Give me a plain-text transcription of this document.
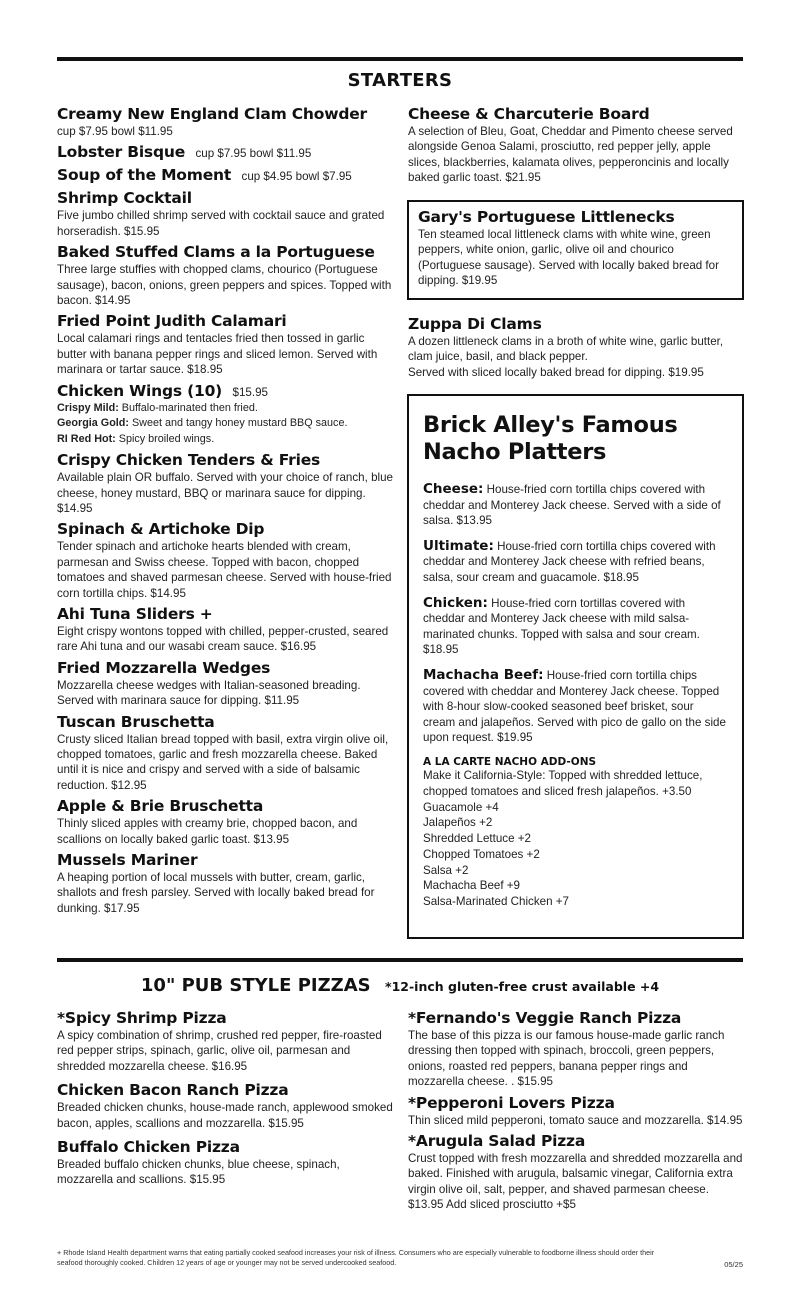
STARTERS
Creamy New England Clam Chowder
cup $7.95 bowl $11.95
Lobster Bisque cup $7.95 bowl $11.95
Soup of the Moment cup $4.95 bowl $7.95
Shrimp Cocktail
Five jumbo chilled shrimp served with cocktail sauce and grated horseradish. $15.95
Baked Stuffed Clams a la Portuguese
Three large stuffies with chopped clams, chourico (Portuguese sausage), bacon, onions, green peppers and spices. Topped with bacon. $14.95
Fried Point Judith Calamari
Local calamari rings and tentacles fried then tossed in garlic butter with banana pepper rings and sliced lemon. Served with marinara or tartar sauce. $18.95
Chicken Wings (10) $15.95
Crispy Mild: Buffalo-marinated then fried.
Georgia Gold: Sweet and tangy honey mustard BBQ sauce.
RI Red Hot: Spicy broiled wings.
Crispy Chicken Tenders & Fries
Available plain OR buffalo. Served with your choice of ranch, blue cheese, honey mustard, BBQ or marinara sauce for dipping. $14.95
Spinach & Artichoke Dip
Tender spinach and artichoke hearts blended with cream, parmesan and Swiss cheese. Topped with bacon, chopped tomatoes and shaved parmesan cheese. Served with house-fried corn tortilla chips. $14.95
Ahi Tuna Sliders +
Eight crispy wontons topped with chilled, pepper-crusted, seared rare Ahi tuna and our wasabi cream sauce. $16.95
Fried Mozzarella Wedges
Mozzarella cheese wedges with Italian-seasoned breading. Served with marinara sauce for dipping. $11.95
Tuscan Bruschetta
Crusty sliced Italian bread topped with basil, extra virgin olive oil, chopped tomatoes, garlic and fresh mozzarella cheese. Baked until it is nice and crispy and served with a side of balsamic reduction. $12.95
Apple & Brie Bruschetta
Thinly sliced apples with creamy brie, chopped bacon, and scallions on locally baked garlic toast. $13.95
Mussels Mariner
A heaping portion of local mussels with butter, cream, garlic, shallots and fresh parsley. Served with locally baked bread for dunking. $17.95
Cheese & Charcuterie Board
A selection of Bleu, Goat, Cheddar and Pimento cheese served alongside Genoa Salami, prosciutto, red pepper jelly, apple slices, blackberries, kalamata olives, pepperoncinis and locally baked garlic toast. $21.95
Gary's Portuguese Littlenecks
Ten steamed local littleneck clams with white wine, green peppers, white onion, garlic, olive oil and chourico (Portuguese sausage). Served with locally baked bread for dipping. $19.95
Zuppa Di Clams
A dozen littleneck clams in a broth of white wine, garlic butter, clam juice, basil, and black pepper.
Served with sliced locally baked bread for dipping. $19.95
Brick Alley's Famous
Nacho Platters
Cheese: House-fried corn tortilla chips covered with cheddar and Monterey Jack cheese. Served with a side of salsa. $13.95
Ultimate: House-fried corn tortilla chips covered with cheddar and Monterey Jack cheese with refried beans, salsa, sour cream and guacamole. $18.95
Chicken: House-fried corn tortillas covered with cheddar and Monterey Jack cheese with mild salsa-marinated chunks. Topped with salsa and sour cream. $18.95
Machacha Beef: House-fried corn tortilla chips covered with cheddar and Monterey Jack cheese. Topped with 8-hour slow-cooked seasoned beef brisket, sour cream and jalapeños. Served with pico de gallo on the side upon request. $19.95
A LA CARTE NACHO ADD-ONS
Make it California-Style: Topped with shredded lettuce, chopped tomatoes and sliced fresh jalapeños. +3.50
Guacamole +4
Jalapeños +2
Shredded Lettuce +2
Chopped Tomatoes +2
Salsa +2
Machacha Beef +9
Salsa-Marinated Chicken +7
10" PUB STYLE PIZZAS *12-inch gluten-free crust available +4
*Spicy Shrimp Pizza
A spicy combination of shrimp, crushed red pepper, fire-roasted red pepper strips, spinach, garlic, olive oil, parmesan and shredded mozzarella cheese. $16.95
Chicken Bacon Ranch Pizza
Breaded chicken chunks, house-made ranch, applewood smoked bacon, apples, scallions and mozzarella. $15.95
Buffalo Chicken Pizza
Breaded buffalo chicken chunks, blue cheese, spinach, mozzarella and scallions. $15.95
*Fernando's Veggie Ranch Pizza
The base of this pizza is our famous house-made garlic ranch dressing then topped with spinach, broccoli, green peppers, onions, roasted red peppers, banana pepper rings and mozzarella cheese. . $15.95
*Pepperoni Lovers Pizza
Thin sliced mild pepperoni, tomato sauce and mozzarella. $14.95
*Arugula Salad Pizza
Crust topped with fresh mozzarella and shredded mozzarella and baked. Finished with arugula, balsamic vinegar, California extra virgin olive oil, salt, pepper, and shaved parmesan cheese. $13.95 Add sliced prosciutto +$5
+ Rhode Island Health department warns that eating partially cooked seafood increases your risk of illness. Consumers who are especially vulnerable to foodborne illness should order their seafood thoroughly cooked. Children 12 years of age or younger may not be served undercooked seafood.	05/25
